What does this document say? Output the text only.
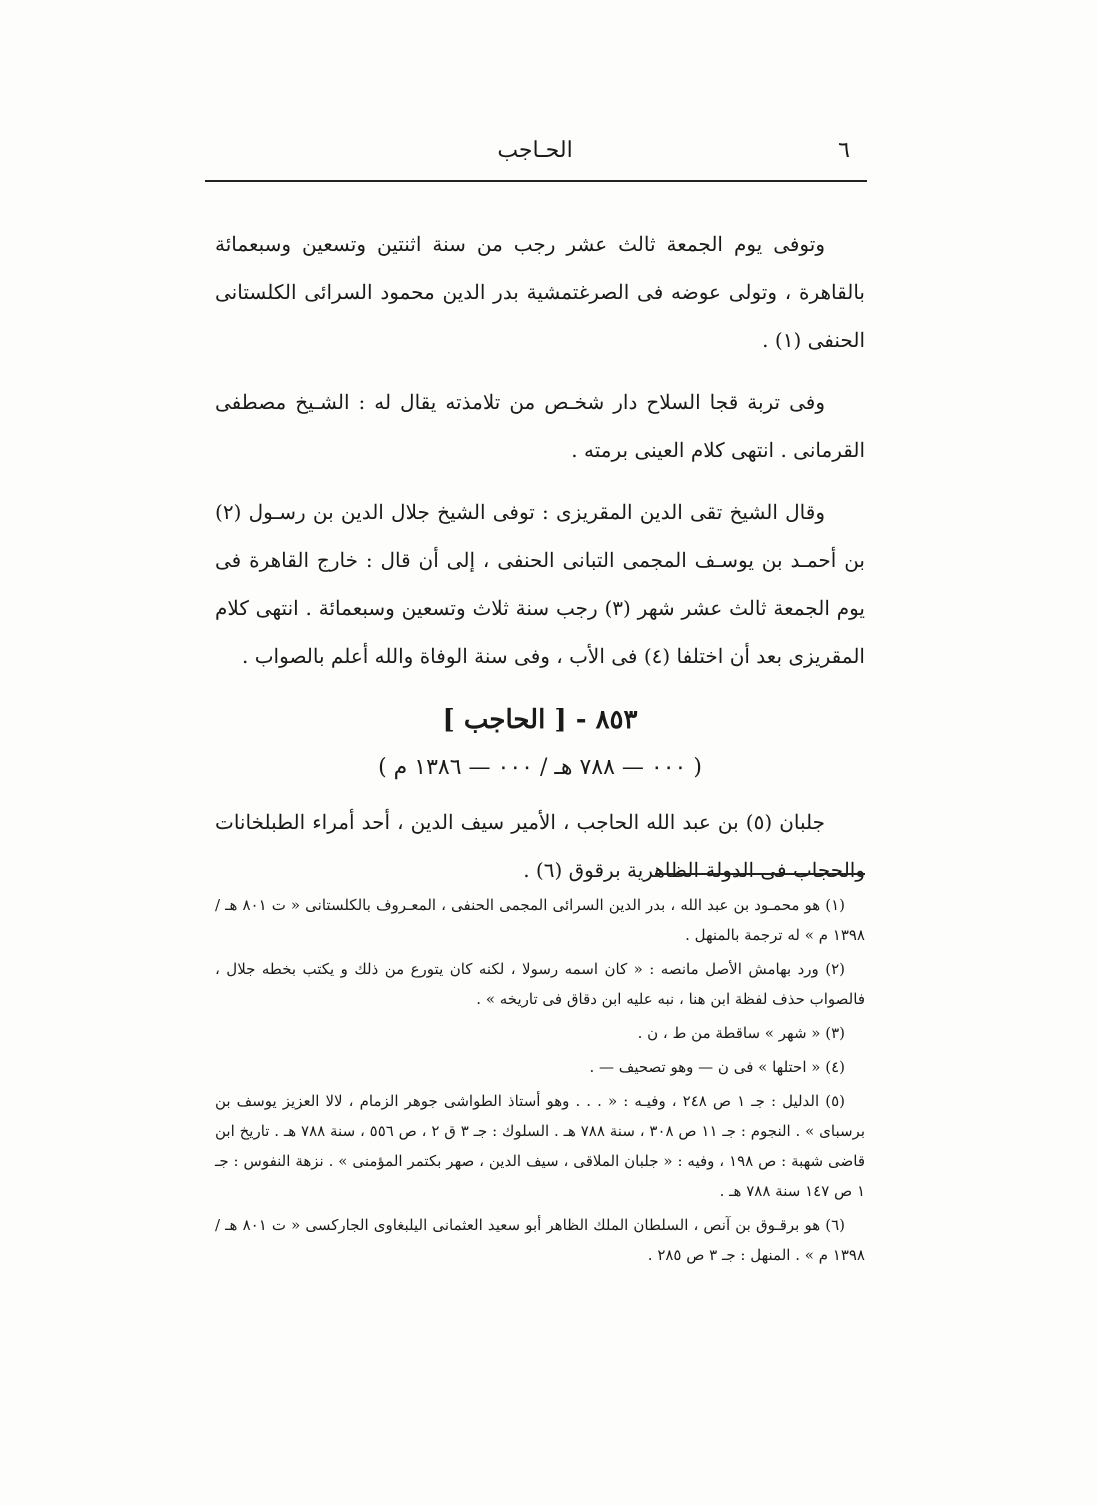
٦
الحـاجب

وتوفى يوم الجمعة ثالث عشر رجب من سنة اثنتين وتسعين وسبعمائة بالقاهرة ، وتولى عوضه فى الصرغتمشية بدر الدين محمود السرائى الكلستانى الحنفى (١) .

وفى تربة قجا السلاح دار شخـص من تلامذته يقال له : الشـيخ مصطفى القرمانى . انتهى كلام العينى برمته .

وقال الشيخ تقى الدين المقريزى : توفى الشيخ جلال الدين بن رسـول (٢) بن أحمـد بن يوسـف المجمى التبانى الحنفى ، إلى أن قال : خارج القاهرة فى يوم الجمعة ثالث عشر شهر (٣) رجب سنة ثلاث وتسعين وسبعمائة . انتهى كلام المقريزى بعد أن اختلفا (٤) فى الأب ، وفى سنة الوفاة والله أعلم بالصواب .

٨٥٣ - [ الحاجب ]

( ٠٠٠ — ٧٨٨ هـ / ٠٠٠ — ١٣٨٦ م )

جلبان (٥) بن عبد الله الحاجب ، الأمير سيف الدين ، أحد أمراء الطبلخانات والحجاب فى الدولة الظاهرية برقوق (٦) .

(١) هو محمـود بن عبد الله ، بدر الدين السرائى المجمى الحنفى ، المعـروف بالكلستانى « ت ٨٠١ هـ / ١٣٩٨ م » له ترجمة بالمنهل .

(٢) ورد بهامش الأصل مانصه : « كان اسمه رسولا ، لكنه كان يتورع من ذلك و يكتب بخطه جلال ، فالصواب حذف لفظة ابن هنا ، نبه عليه ابن دقاق فى تاريخه » .

(٣) « شهر » ساقطة من ط ، ن .

(٤) « احتلها » فى ن — وهو تصحيف — .

(٥) الدليل : جـ ١ ص ٢٤٨ ، وفيـه : « . . . وهو أستاذ الطواشى جوهر الزمام ، لالا العزيز يوسف بن برسباى » . النجوم : جـ ١١ ص ٣٠٨ ، سنة ٧٨٨ هـ . السلوك : جـ ٣ ق ٢ ، ص ٥٥٦ ، سنة ٧٨٨ هـ . تاريخ ابن قاضى شهبة : ص ١٩٨ ، وفيه : « جلبان الملاقى ، سيف الدين ، صهر بكتمر المؤمنى » . نزهة النفوس : جـ ١ ص ١٤٧ سنة ٧٨٨ هـ .

(٦) هو برقـوق بن آنص ، السلطان الملك الظاهر أبو سعيد العثمانى اليلبغاوى الجاركسى « ت ٨٠١ هـ / ١٣٩٨ م » . المنهل : جـ ٣ ص ٢٨٥ .
